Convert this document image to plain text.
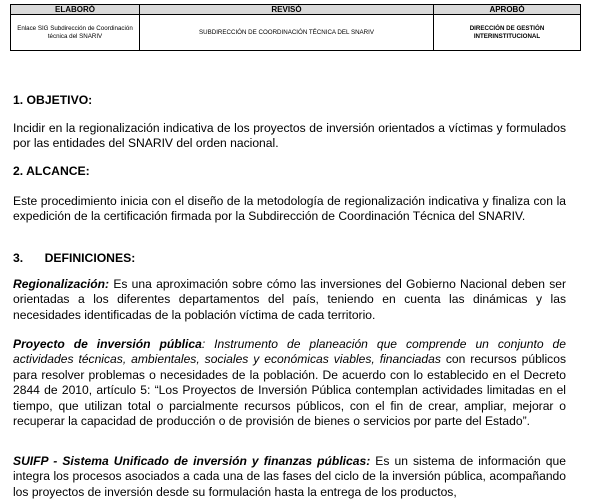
ELABORÓ	REVISÓ	APROBÓ
Enlace SIG Subdirección de Coordinación técnica del SNARIV	SUBDIRECCIÓN DE COORDINACIÓN TÉCNICA DEL SNARIV	DIRECCIÓN DE GESTIÓN INTERINSTITUCIONAL
1. OBJETIVO:

Incidir en la regionalización indicativa de los proyectos de inversión orientados a víctimas y formulados por las entidades del SNARIV del orden nacional.

2. ALCANCE:

Este procedimiento inicia con el diseño de la metodología de regionalización indicativa y finaliza con la expedición de la certificación firmada por la Subdirección de Coordinación Técnica del SNARIV.

3. DEFINICIONES:

Regionalización: Es una aproximación sobre cómo las inversiones del Gobierno Nacional deben ser orientadas a los diferentes departamentos del país, teniendo en cuenta las dinámicas y las necesidades identificadas de la población víctima de cada territorio.

Proyecto de inversión pública: Instrumento de planeación que comprende un conjunto de actividades técnicas, ambientales, sociales y económicas viables, financiadas con recursos públicos para resolver problemas o necesidades de la población. De acuerdo con lo establecido en el Decreto 2844 de 2010, artículo 5: “Los Proyectos de Inversión Pública contemplan actividades limitadas en el tiempo, que utilizan total o parcialmente recursos públicos, con el fin de crear, ampliar, mejorar o recuperar la capacidad de producción o de provisión de bienes o servicios por parte del Estado”.

SUIFP - Sistema Unificado de inversión y finanzas públicas: Es un sistema de información que integra los procesos asociados a cada una de las fases del ciclo de la inversión pública, acompañando los proyectos de inversión desde su formulación hasta la entrega de los productos,
